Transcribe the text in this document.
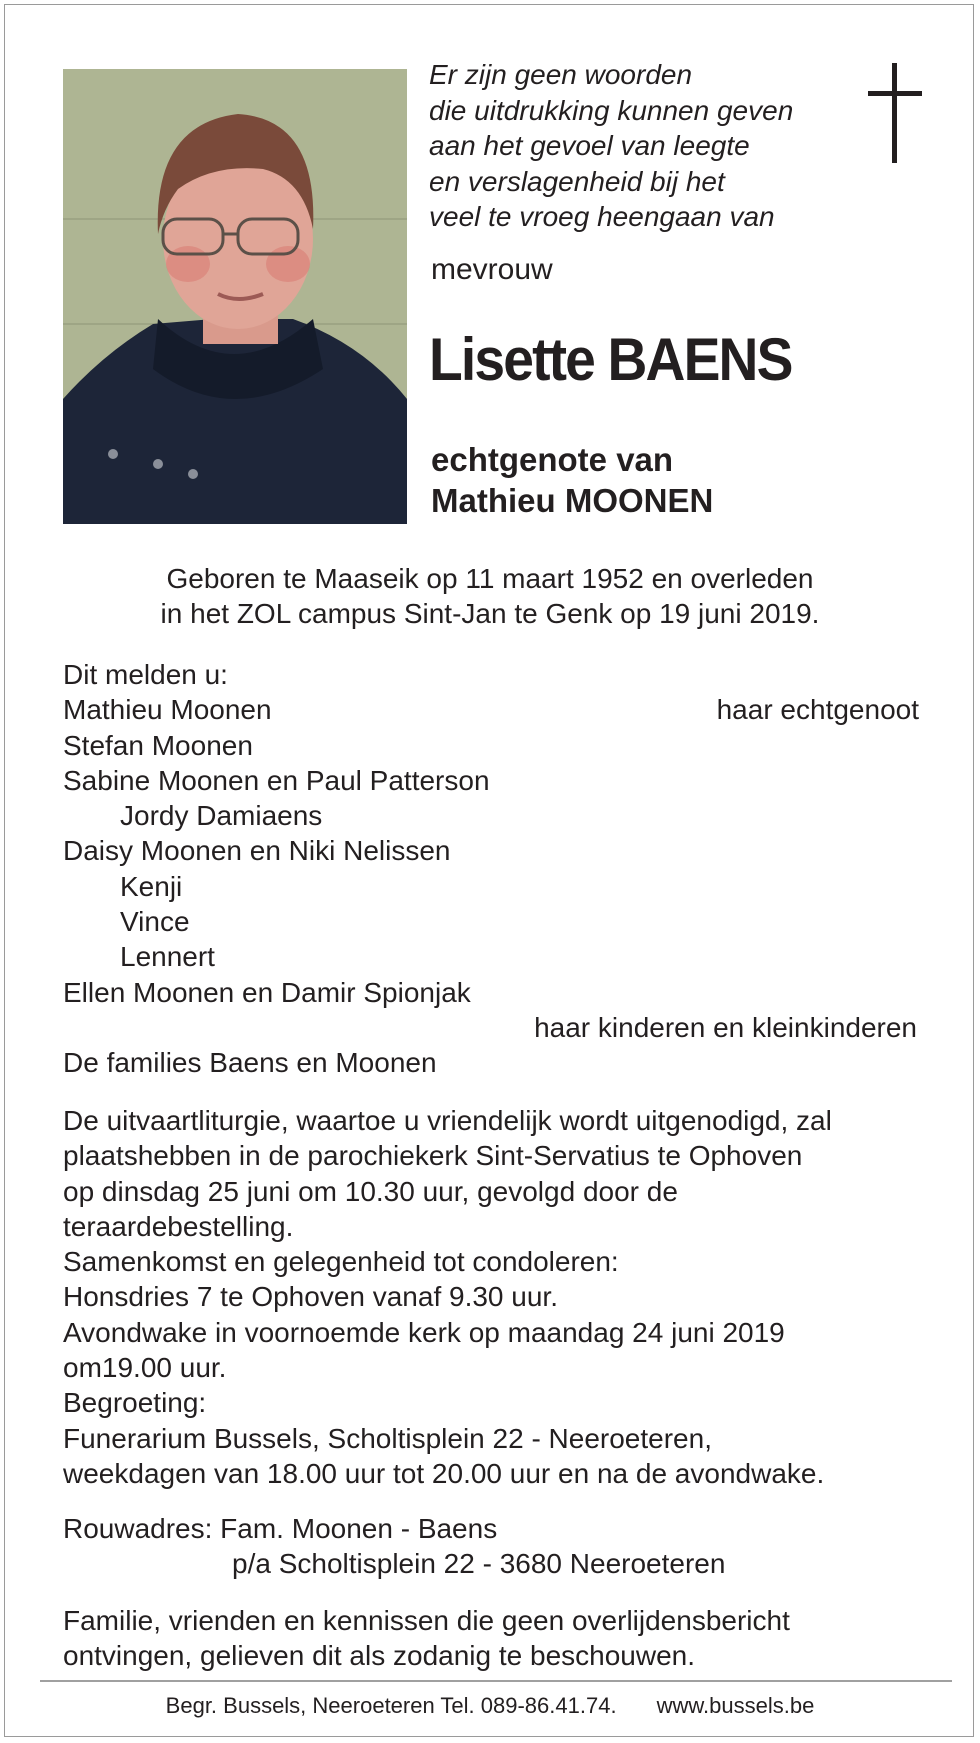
Er zijn geen woorden
die uitdrukking kunnen geven
aan het gevoel van leegte
en verslagenheid bij het
veel te vroeg heengaan van
mevrouw
Lisette BAENS
echtgenote van
Mathieu MOONEN
Geboren te Maaseik op 11 maart 1952 en overleden
in het ZOL campus Sint-Jan te Genk op 19 juni 2019.
Dit melden u:
Mathieu Moonen	haar echtgenoot
Stefan Moonen
Sabine Moonen en Paul Patterson
Jordy Damiaens
Daisy Moonen en Niki Nelissen
Kenji
Vince
Lennert
Ellen Moonen en Damir Spionjak
haar kinderen en kleinkinderen
De families Baens en Moonen
De uitvaartliturgie, waartoe u vriendelijk wordt uitgenodigd, zal
plaatshebben in de parochiekerk Sint-Servatius te Ophoven
op dinsdag 25 juni om 10.30 uur, gevolgd door de
teraardebestelling.
Samenkomst en gelegenheid tot condoleren:
Honsdries 7 te Ophoven vanaf 9.30 uur.
Avondwake in voornoemde kerk op maandag 24 juni 2019
om19.00 uur.
Begroeting:
Funerarium Bussels, Scholtisplein 22 - Neeroeteren,
weekdagen van 18.00 uur tot 20.00 uur en na de avondwake.
Rouwadres: Fam. Moonen - Baens
p/a Scholtisplein 22 - 3680 Neeroeteren
Familie, vrienden en kennissen die geen overlijdensbericht
ontvingen, gelieven dit als zodanig te beschouwen.
Begr. Bussels, Neeroeteren Tel. 089-86.41.74. www.bussels.be
